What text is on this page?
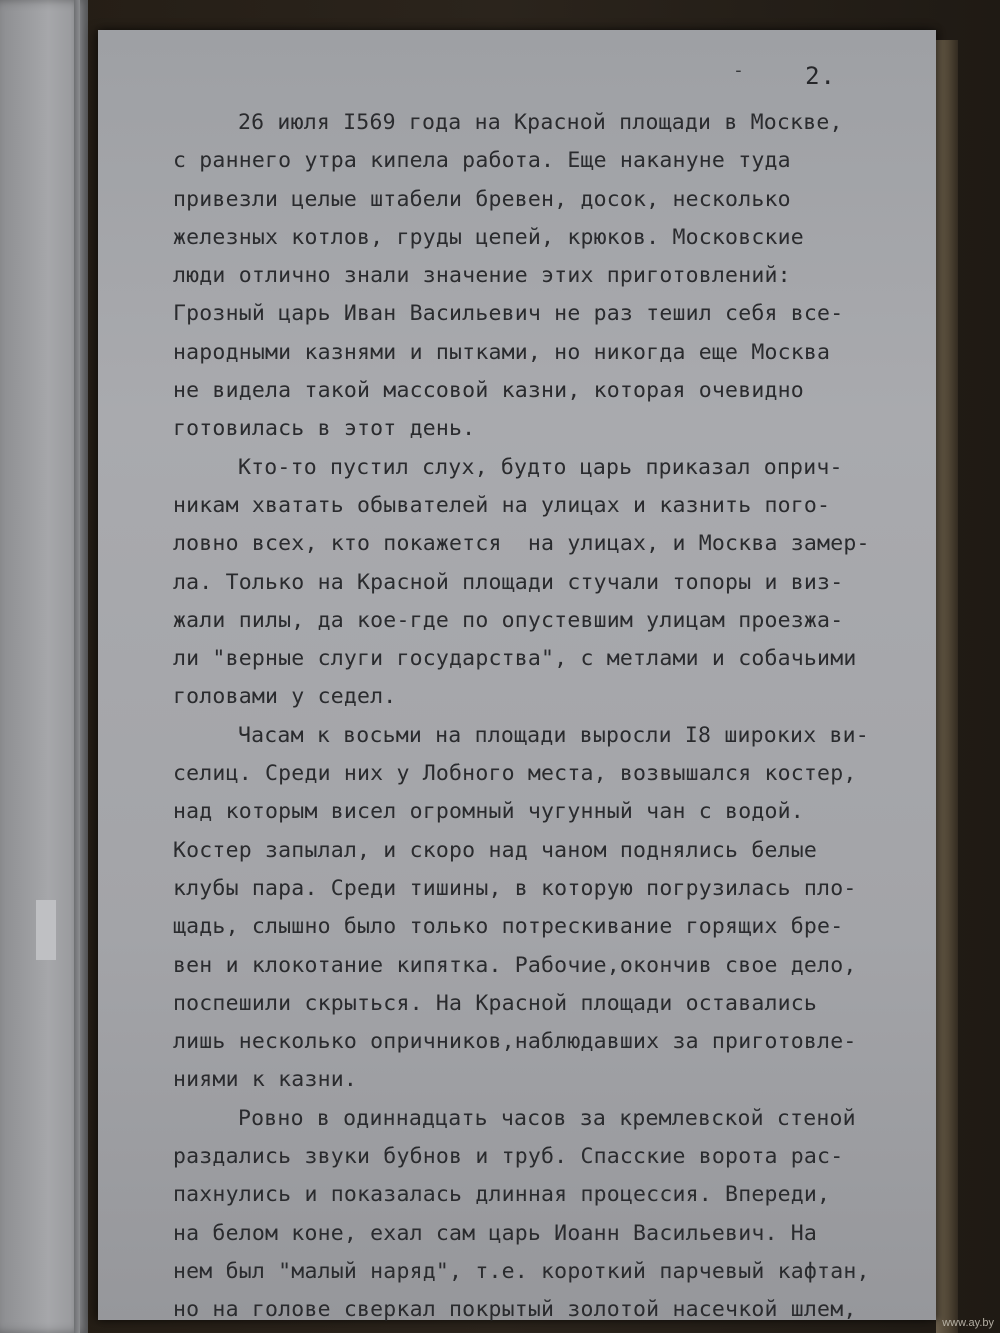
-	2.
26 июля I569 года на Красной площади в Москве,
с раннего утра кипела работа. Еще накануне туда
привезли целые штабели бревен, досок, несколько
железных котлов, груды цепей, крюков. Московские
люди отлично знали значение этих приготовлений:
Грозный царь Иван Васильевич не раз тешил себя все-
народными казнями и пытками, но никогда еще Москва
не видела такой массовой казни, которая очевидно
готовилась в этот день.
Кто-то пустил слух, будто царь приказал оприч-
никам хватать обывателей на улицах и казнить пого-
ловно всех, кто покажется  на улицах, и Москва замер-
ла. Только на Красной площади стучали топоры и виз-
жали пилы, да кое-где по опустевшим улицам проезжа-
ли "верные слуги государства", с метлами и собачьими
головами у седел.
Часам к восьми на площади выросли I8 широких ви-
селиц. Среди них у Лобного места, возвышался костер,
над которым висел огромный чугунный чан с водой.
Костер запылал, и скоро над чаном поднялись белые
клубы пара. Среди тишины, в которую погрузилась пло-
щадь, слышно было только потрескивание горящих бре-
вен и клокотание кипятка. Рабочие,окончив свое дело,
поспешили скрыться. На Красной площади оставались
лишь несколько опричников,наблюдавших за приготовле-
ниями к казни.
Ровно в одиннадцать часов за кремлевской стеной
раздались звуки бубнов и труб. Спасские ворота рас-
пахнулись и показалась длинная процессия. Впереди,
на белом коне, ехал сам царь Иоанн Васильевич. На
нем был "малый наряд", т.е. короткий парчевый кафтан,
но на голове сверкал покрытый золотой насечкой шлем,
www.ay.by
